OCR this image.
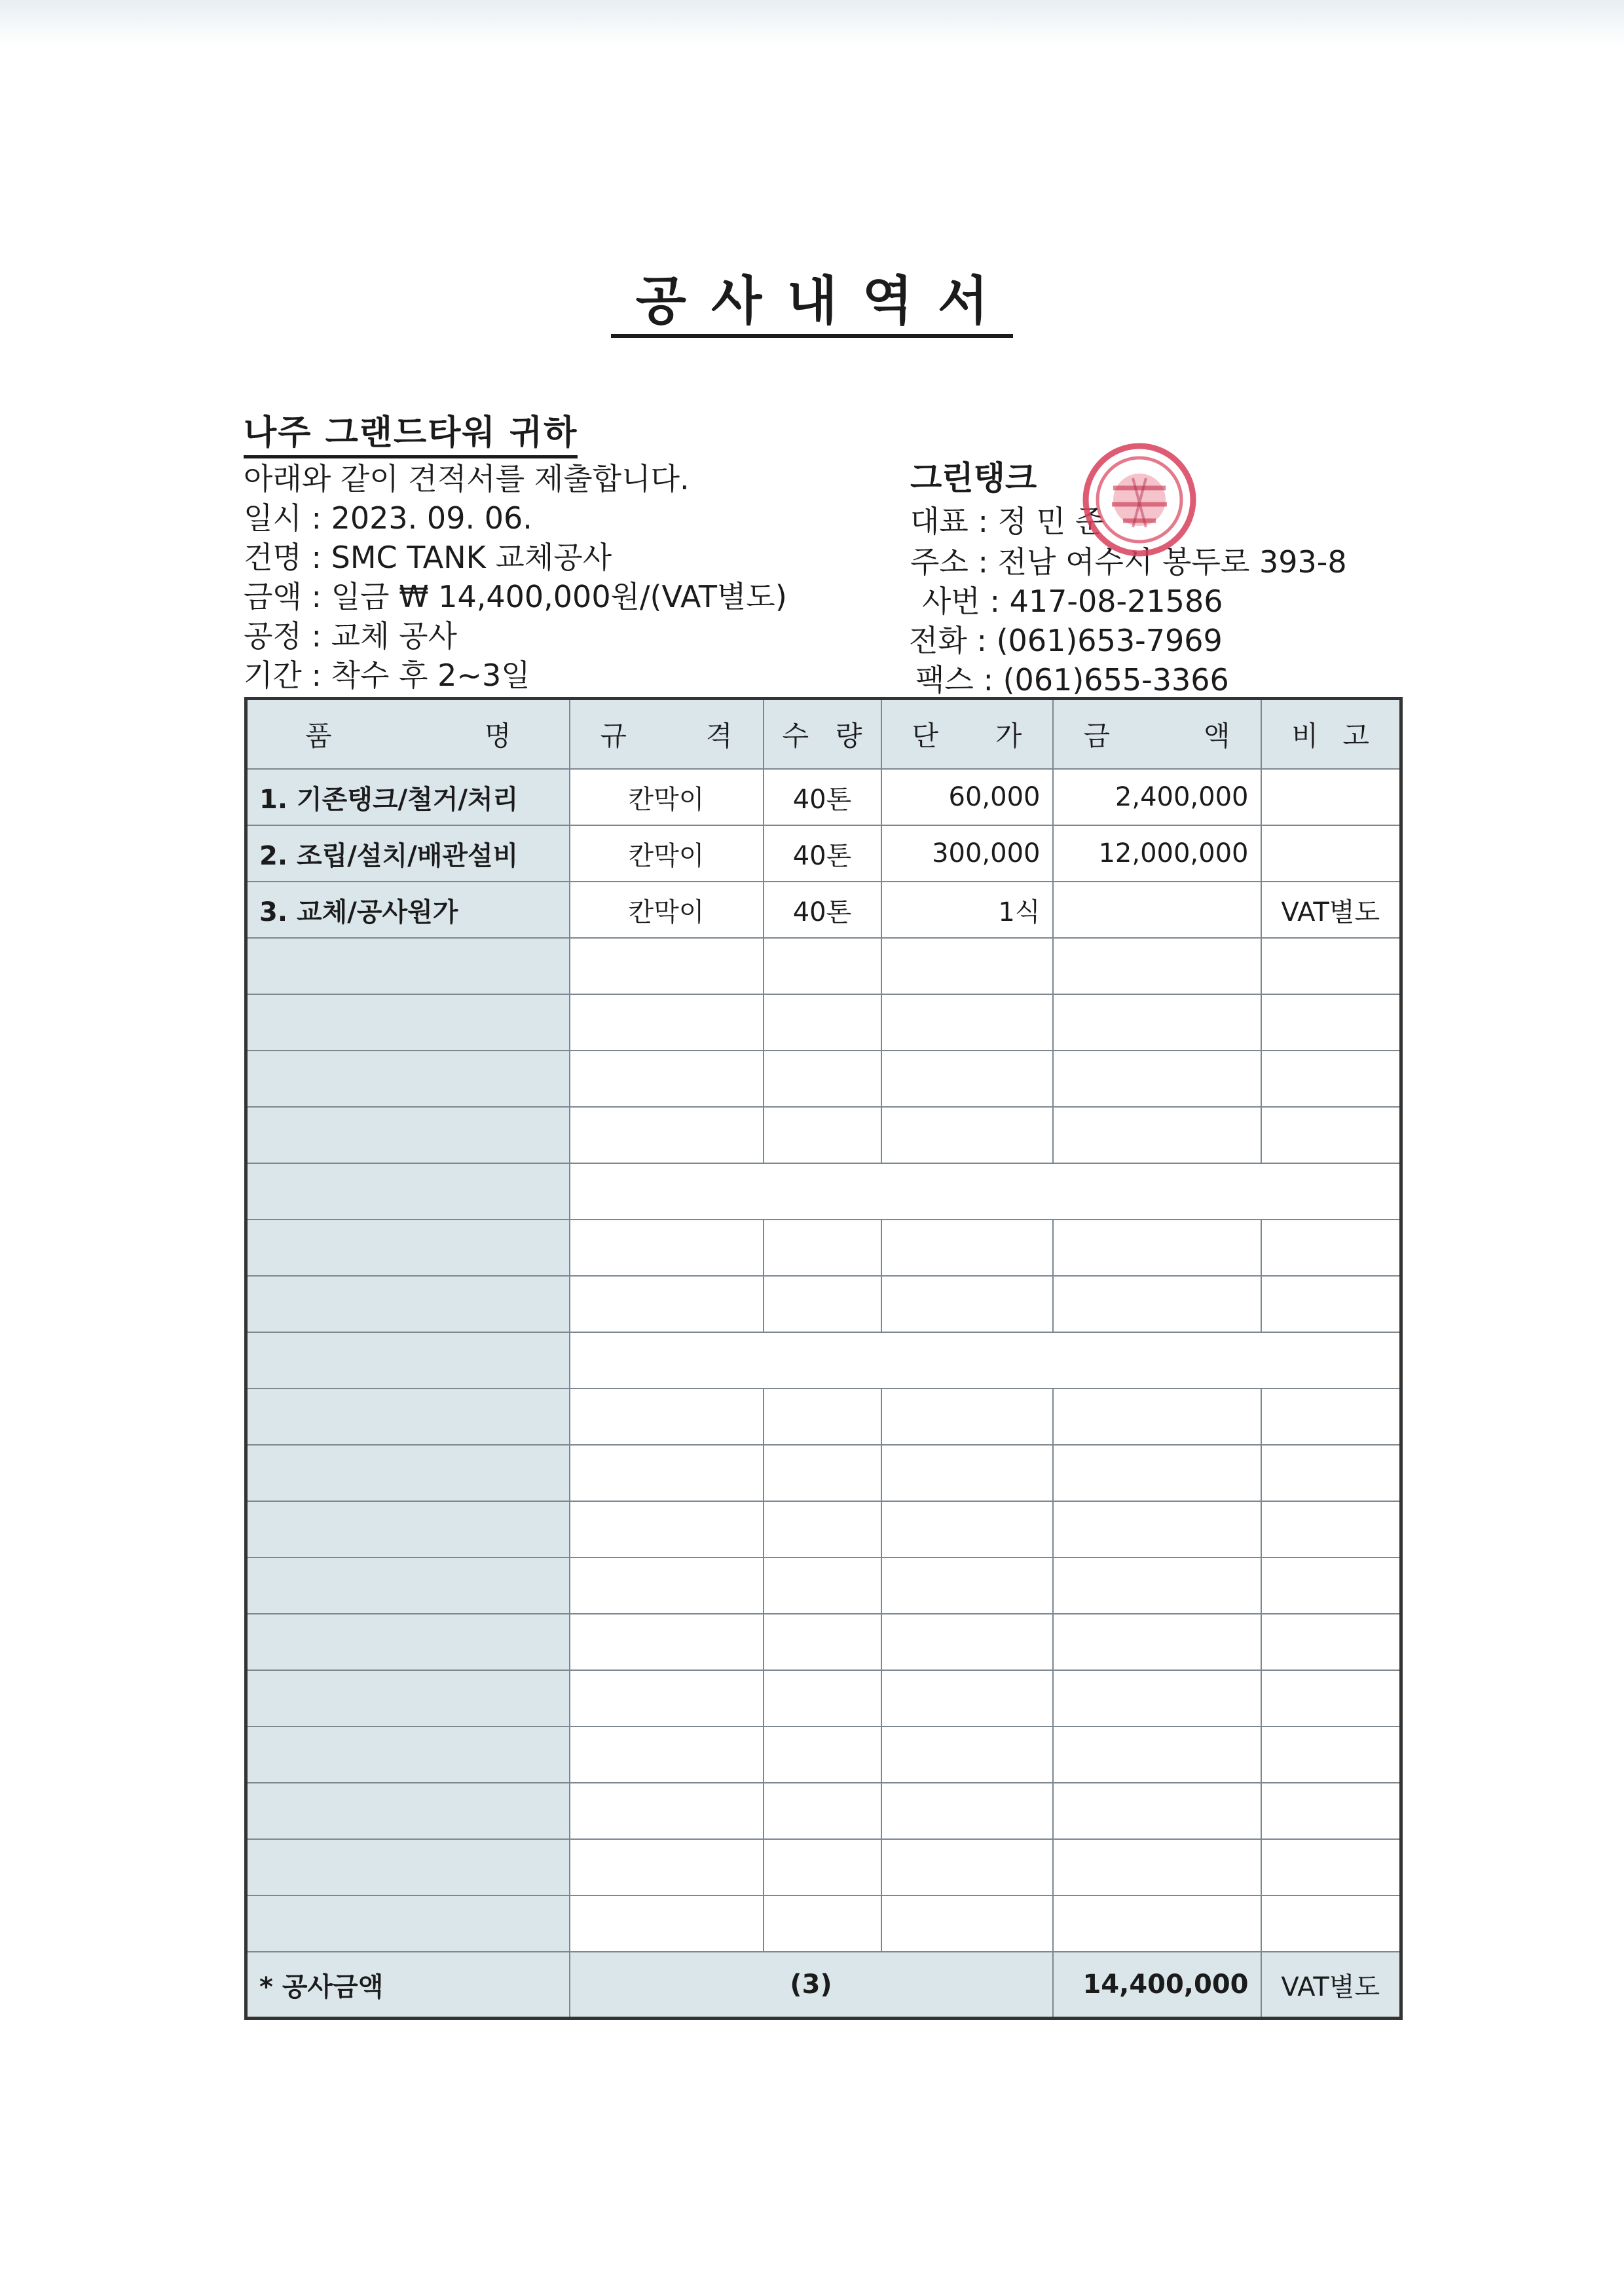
공사내역서
나주 그랜드타워 귀하
아래와 같이 견적서를 제출합니다.
일시 : 2023. 09. 06.
건명 : SMC TANK 교체공사
금액 : 일금 ₩ 14,400,000원/(VAT별도)
공정 : 교체 공사
기간 : 착수 후 2~3일
그린탱크
대표 : 정 민 준
주소 : 전남 여수시 봉두로 393-8
사번 : 417-08-21586
전화 : (061)653-7969
팩스 : (061)655-3366
품 명	규 격	수 량	단 가	금 액	비 고

1. 기존탱크/철거/처리	칸막이	40톤	60,000	2,400,000	
2. 조립/설치/배관설비	칸막이	40톤	300,000	12,000,000	
3. 교체/공사원가	칸막이	40톤	1식		VAT별도

* 공사금액	(3)			14,400,000	VAT별도
